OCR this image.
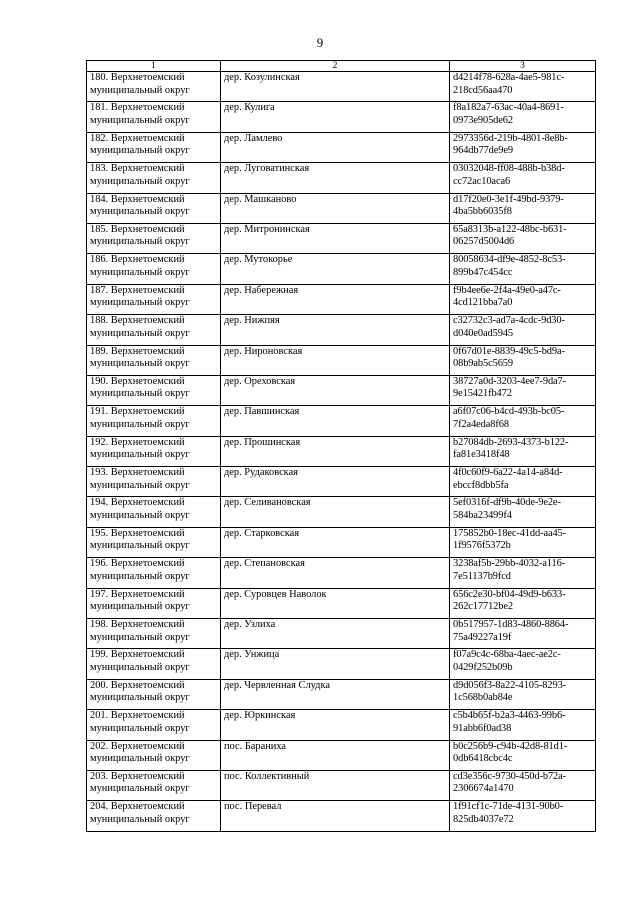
9
1	2	3

180. Верхнетоемский
муниципальный округ	дер. Козулинская	d4214f78-628a-4ae5-981c-
218cd56aa470

181. Верхнетоемский
муниципальный округ	дер. Кулига	f8a182a7-63ac-40a4-8691-
0973e905de62

182. Верхнетоемский
муниципальный округ	дер. Ламлево	2973356d-219b-4801-8e8b-
964db77de9e9

183. Верхнетоемский
муниципальный округ	дер. Луговатинская	03032048-ff08-488b-b38d-
cc72ac10aca6

184. Верхнетоемский
муниципальный округ	дер. Машканово	d17f20e0-3e1f-49bd-9379-
4ba5bb6035f8

185. Верхнетоемский
муниципальный округ	дер. Митронинская	65a8313b-a122-48bc-b631-
06257d5004d6

186. Верхнетоемский
муниципальный округ	дер. Мутокорье	80058634-df9e-4852-8c53-
899b47c454cc

187. Верхнетоемский
муниципальный округ	дер. Набережная	f9b4ee6e-2f4a-49e0-a47c-
4cd121bba7a0

188. Верхнетоемский
муниципальный округ	дер. Нижпяя	c32732c3-ad7a-4cdc-9d30-
d040e0ad5945

189. Верхнетоемский
муниципальный округ	дер. Нироновская	0f67d01e-8839-49c5-bd9a-
08b9ab5c5659

190. Верхнетоемский
муниципальный округ	дер. Ореховская	38727a0d-3203-4ee7-9da7-
9e15421fb472

191. Верхнетоемский
муниципальный округ	дер. Павшинская	a6f07c06-b4cd-493b-bc05-
7f2a4eda8f68

192. Верхнетоемский
муниципальный округ	дер. Прошинская	b27084db-2693-4373-b122-
fa81e3418f48

193. Верхнетоемский
муниципальный округ	дер. Рудаковская	4f0c60f9-6a22-4a14-a84d-
ebccf8dbb5fa

194. Верхнетоемский
муниципальный округ	дер. Селивановская	5ef0316f-df9b-40de-9e2e-
584ba23499f4

195. Верхнетоемский
муниципальный округ	дер. Старковская	175852b0-18ec-41dd-aa45-
1f9576f5372b

196. Верхнетоемский
муниципальный округ	дер. Степановская	3238af5b-29bb-4032-a116-
7e51137b9fcd

197. Верхнетоемский
муниципальный округ	дер. Суровцев Наволок	656c2e30-bf04-49d9-b633-
262c17712be2

198. Верхнетоемский
муниципальный округ	дер. Узлиха	0b517957-1d83-4860-8864-
75a49227a19f

199. Верхнетоемский
муниципальный округ	дер. Унжица	f07a9c4c-68ba-4aec-ae2c-
0429f252b09b

200. Верхнетоемский
муниципальный округ	дер. Червленная Слудка	d9d056f3-8a22-4105-8293-
1c568b0ab84e

201. Верхнетоемский
муниципальный округ	дер. Юркинская	c5b4b65f-b2a3-4463-99b6-
91abb6f0ad38

202. Верхнетоемский
муниципальный округ	пос. Бараниха	b0c256b9-c94b-42d8-81d1-
0db6418cbc4c

203. Верхнетоемский
муниципальный округ	пос. Коллективный	cd3e356c-9730-450d-b72a-
2306674a1470

204. Верхнетоемский
муниципальный округ	пос. Перевал	1f91cf1c-71de-4131-90b0-
825db4037e72
